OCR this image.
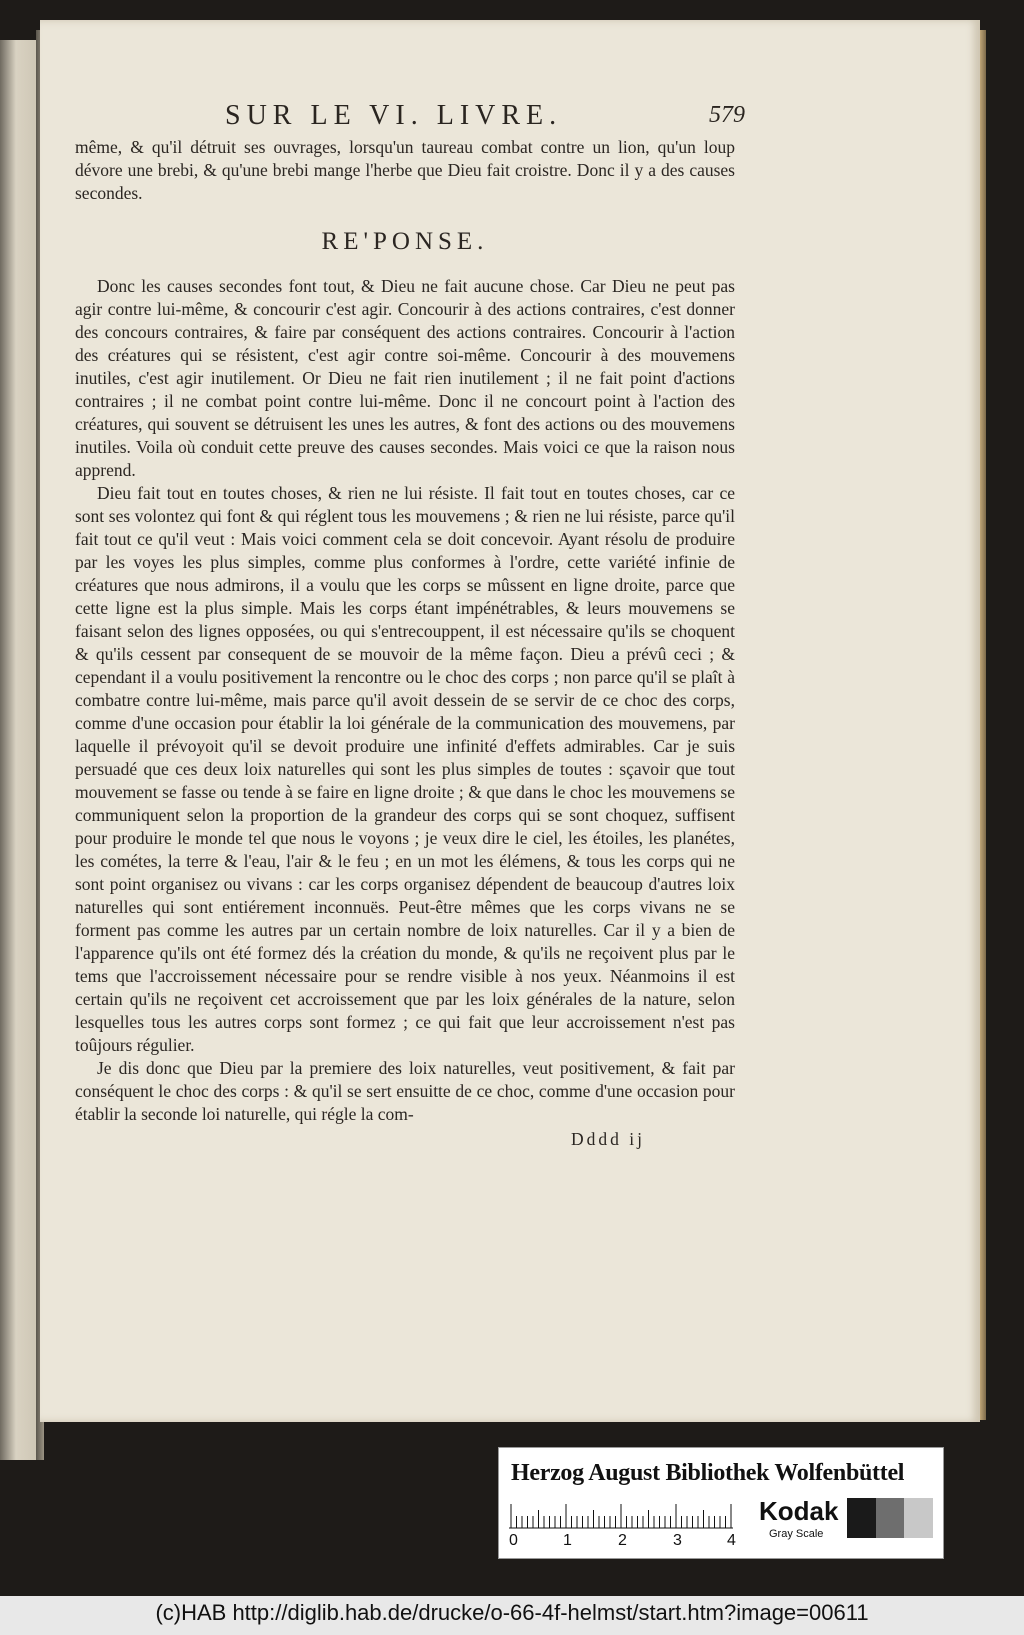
SUR LE VI. LIVRE.	579

même, & qu'il détruit ses ouvrages, lorsqu'un taureau combat contre un lion, qu'un loup dévore une brebi, & qu'une brebi mange l'herbe que Dieu fait croistre. Donc il y a des causes secondes.

RE'PONSE.

Donc les causes secondes font tout, & Dieu ne fait aucune chose. Car Dieu ne peut pas agir contre lui-même, & concourir c'est agir. Concourir à des actions contraires, c'est donner des concours contraires, & faire par conséquent des actions contraires. Concourir à l'action des créatures qui se résistent, c'est agir contre soi-même. Concourir à des mouvemens inutiles, c'est agir inutilement. Or Dieu ne fait rien inutilement ; il ne fait point d'actions contraires ; il ne combat point contre lui-même. Donc il ne concourt point à l'action des créatures, qui souvent se détruisent les unes les autres, & font des actions ou des mouvemens inutiles. Voila où conduit cette preuve des causes secondes. Mais voici ce que la raison nous apprend.

Dieu fait tout en toutes choses, & rien ne lui résiste. Il fait tout en toutes choses, car ce sont ses volontez qui font & qui réglent tous les mouvemens ; & rien ne lui résiste, parce qu'il fait tout ce qu'il veut : Mais voici comment cela se doit concevoir. Ayant résolu de produire par les voyes les plus simples, comme plus conformes à l'ordre, cette variété infinie de créatures que nous admirons, il a voulu que les corps se mûssent en ligne droite, parce que cette ligne est la plus simple. Mais les corps étant impénétrables, & leurs mouvemens se faisant selon des lignes opposées, ou qui s'entrecouppent, il est nécessaire qu'ils se choquent & qu'ils cessent par consequent de se mouvoir de la même façon. Dieu a prévû ceci ; & cependant il a voulu positivement la rencontre ou le choc des corps ; non parce qu'il se plaît à combatre contre lui-même, mais parce qu'il avoit dessein de se servir de ce choc des corps, comme d'une occasion pour établir la loi générale de la communication des mouvemens, par laquelle il prévoyoit qu'il se devoit produire une infinité d'effets admirables. Car je suis persuadé que ces deux loix naturelles qui sont les plus simples de toutes : sçavoir que tout mouvement se fasse ou tende à se faire en ligne droite ; & que dans le choc les mouvemens se communiquent selon la proportion de la grandeur des corps qui se sont choquez, suffisent pour produire le monde tel que nous le voyons ; je veux dire le ciel, les étoiles, les planétes, les cométes, la terre & l'eau, l'air & le feu ; en un mot les élémens, & tous les corps qui ne sont point organisez ou vivans : car les corps organisez dépendent de beaucoup d'autres loix naturelles qui sont entiérement inconnuës. Peut-être mêmes que les corps vivans ne se forment pas comme les autres par un certain nombre de loix naturelles. Car il y a bien de l'apparence qu'ils ont été formez dés la création du monde, & qu'ils ne reçoivent plus par le tems que l'accroissement nécessaire pour se rendre visible à nos yeux. Néanmoins il est certain qu'ils ne reçoivent cet accroissement que par les loix générales de la nature, selon lesquelles tous les autres corps sont formez ; ce qui fait que leur accroissement n'est pas toûjours régulier.

Je dis donc que Dieu par la premiere des loix naturelles, veut positivement, & fait par conséquent le choc des corps : & qu'il se sert ensuitte de ce choc, comme d'une occasion pour établir la seconde loi naturelle, qui régle la com-

Dddd ij
Herzog August Bibliothek Wolfenbüttel
0	1	2	3	4
Kodak
Gray Scale
(c)HAB http://diglib.hab.de/drucke/o-66-4f-helmst/start.htm?image=00611
